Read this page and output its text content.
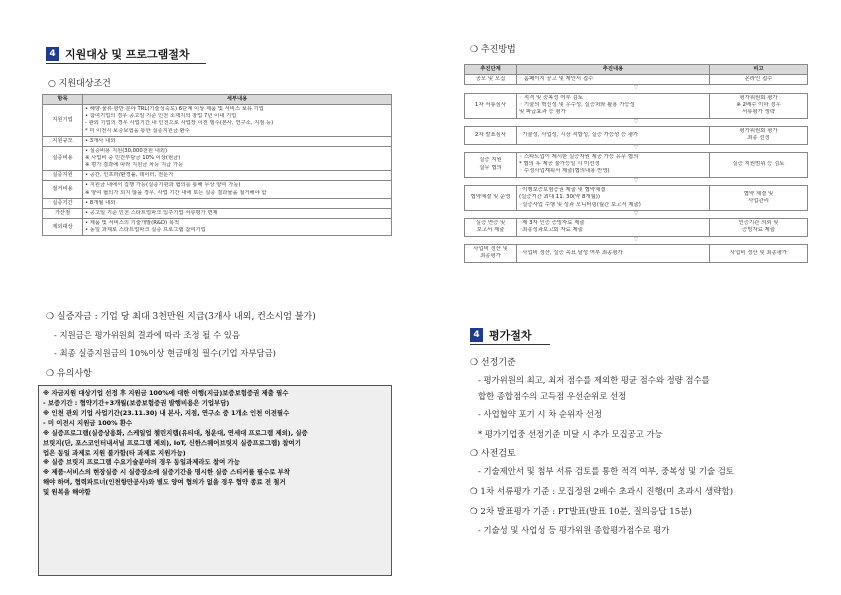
4 지원대상 및 프로그램절차
○ 지원대상조건
항목	세부내용
지원기업	• 해양·물류·항만 분야 TRL(기술성숙도) 6단계 이상 제품 및 서비스 보유 기업
• 참여기업의 경우 공고일 기준 인천 소재지의 창업 7년 이내 기업
- 관외 기업의 경우 사업기간 내 인천으로 사업장 이전 필수(본사, 연구소, 지점 등)
* 미 이전시 보증보험을 통한 실증지원금 환수

지원규모	• 3개사 내외

실증비용	• 실증비용 지원(30,000천원 내외)
※ 사업비 중 민간부담금 10% 이상(현금)
※ 평가 결과에 따라 지원금 차등 지급 가능

실증지원	• 공간, 인프라/환경률, 데이터, 전문가

절거비용	• 지원금 내에서 집행 가능(실증기관과 협의를 통해 무상 양여 가능)
※ 양여 협의가 되지 않을 경우, 사업 기간 내에 또는 실증 결과물을 철거해야 함

실증기간	• 8개월 내외

가산점	• 공고일 기준 인천 스타트업파크 입주기업 서류평가 면제

제외대상	• 제품 및 서비스의 기술개발(R&D) 목적
• 동일 과제로 스타트업파크 실증 프로그램 참여기업
❍ 실증자금 : 기업 당 최대 3천만원 지급(3개사 내외, 컨소시엄 불가)
- 지원금은 평가위원회 결과에 따라 조정 될 수 있음
- 최종 실증지원금의 10%이상 현금매칭 필수(기업 자부담금)
❍ 유의사항
※ 자금지원 대상기업 선정 후 지원금 100%에 대한 이행(지급)보증보험증권 제출 필수
- 보증기간 : 협약기간+3개월(보증보험증권 발행비용은 기업부담)
※ 인천 관외 기업 사업기간(23.11.30) 내 본사, 지점, 연구소 중 1개소 인천 이전필수
- 미 이전시 지원금 100% 환수
※ 실증프로그램(실증상용화, 스케일업 챌린지랩(유티대, 청운대, 연세대 프로그램 제외), 실증
브릿지(단, 포스코인터내셔널 프로그램 제외), IoT, 신한스퀘어브릿지 실증프로그램) 참여기
업은 동일 과제로 지원 불가함(타 과제로 지원가능)
※ 실증 브릿지 프로그램 수요기술분야의 경우 동일과제라도 참여 가능
※ 제품·서비스의 현장실증 시 실증장소에 실증기간을 명시한 실증 스티커를 필수로 부착
해야 하며, 협력파트너(인천항만공사)와 별도 양여 협의가 없을 경우 협약 종료 전 철거
및 원복을 해야함
❍ 추진방법
추진단계	추진내용	비고

공모 및 모집	◦ 홈페이지 공고 및 제안서 접수	온라인 접수

▽		

1차 서류심사	◦ 적격 및 중복성 여부 검토
◦ 기술의 혁신성 및 우수성, 실증처와 활용 가능성
및 파급효과 등 평가	평가위원회 평가
※ 2배수 이하 경우
서류평가 생략

▽		

2차 발표심사	◦기술성, 사업성, 시장 적합성, 실증 가능성 등 평가	평가위원회 평가
최종 선정

▽		

실증 지원
실무 협의	◦ 스타트업이 제시한 실증자원 제공 가능 유무 협의
* 협의 후 제공 불가능일 시 미선정
◦ 수정사업계획서 제출(협의내용 반영)	실증 지원범위 등 검토

▽		

협약체결 및 운영	◦이행보증보험증권 제출 및 협약체결
(실증기간 최대 11. 30(약 8개월))
◦실증사업 수행 및 성과 모니터링(월간 보고서 제출)	협약 체결 및
사업관리

▽		

실증 연증 및
보고서 제출	◦제 3자 인증 증빙자료 제출
◦최종성과보고회 자료 제출	인증기관 의뢰 및
증빙자료 제출

▽		

사업비 정산 및
최종평가	◦사업비 정산, 실증 목표 달성 여부 최종평가	사업비 정산 및 최종평가
4 평가절차
❍ 선정기준
- 평가위원의 최고, 최저 점수를 제외한 평균 점수와 정량 점수를
합한 종합점수의 고득점 우선순위로 선정
- 사업협약 포기 시 차 순위자 선정
* 평가기업중 선정기준 미달 시 추가 모집공고 가능
❍ 사전검토
- 기술제안서 및 첨부 서류 검토를 통한 적격 여부, 중복성 및 기술 검토
❍ 1차 서류평가 기준 : 모집정원 2배수 초과시 진행(미 초과시 생략함)
❍ 2차 발표평가 기준 : PT발표(발표 10분, 질의응답 15분)
- 기술성 및 사업성 등 평가위원 종합평가점수로 평가
